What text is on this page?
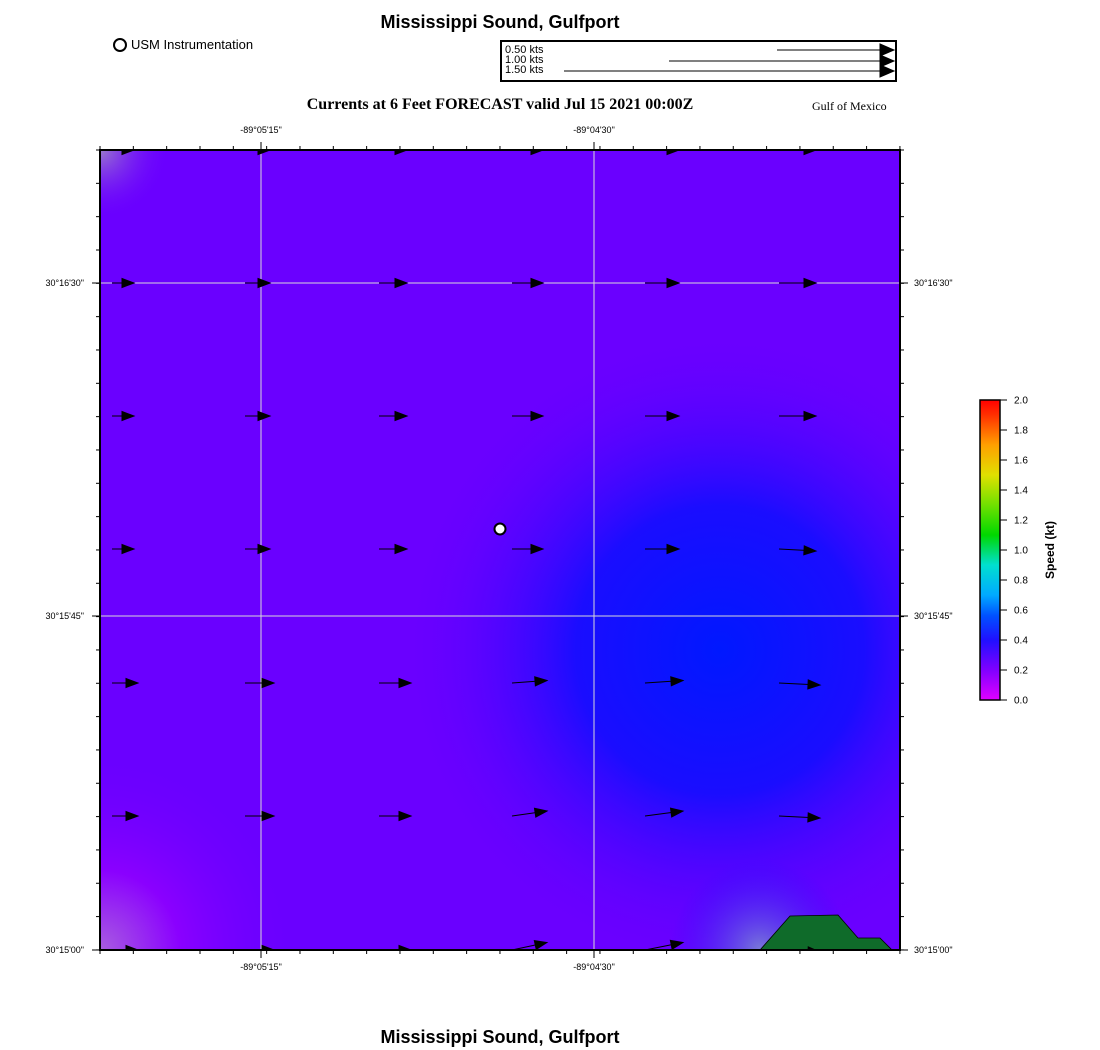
Mississippi Sound, Gulfport
USM Instrumentation	0.50 kts
1.00 kts
1.50 kts
Currents at 6 Feet FORECAST valid Jul 15 2021 00:00Z	Gulf of Mexico
-89°05'15"	-89°04'30"
-89°05'15"	-89°04'30"
30°16'30"
30°15'45"
30°15'00"
30°16'30"
30°15'45"
30°15'00"
0.0
0.2
0.4
0.6
0.8
1.0
1.2
1.4
1.6
1.8
2.0
Speed (kt)
Mississippi Sound, Gulfport
